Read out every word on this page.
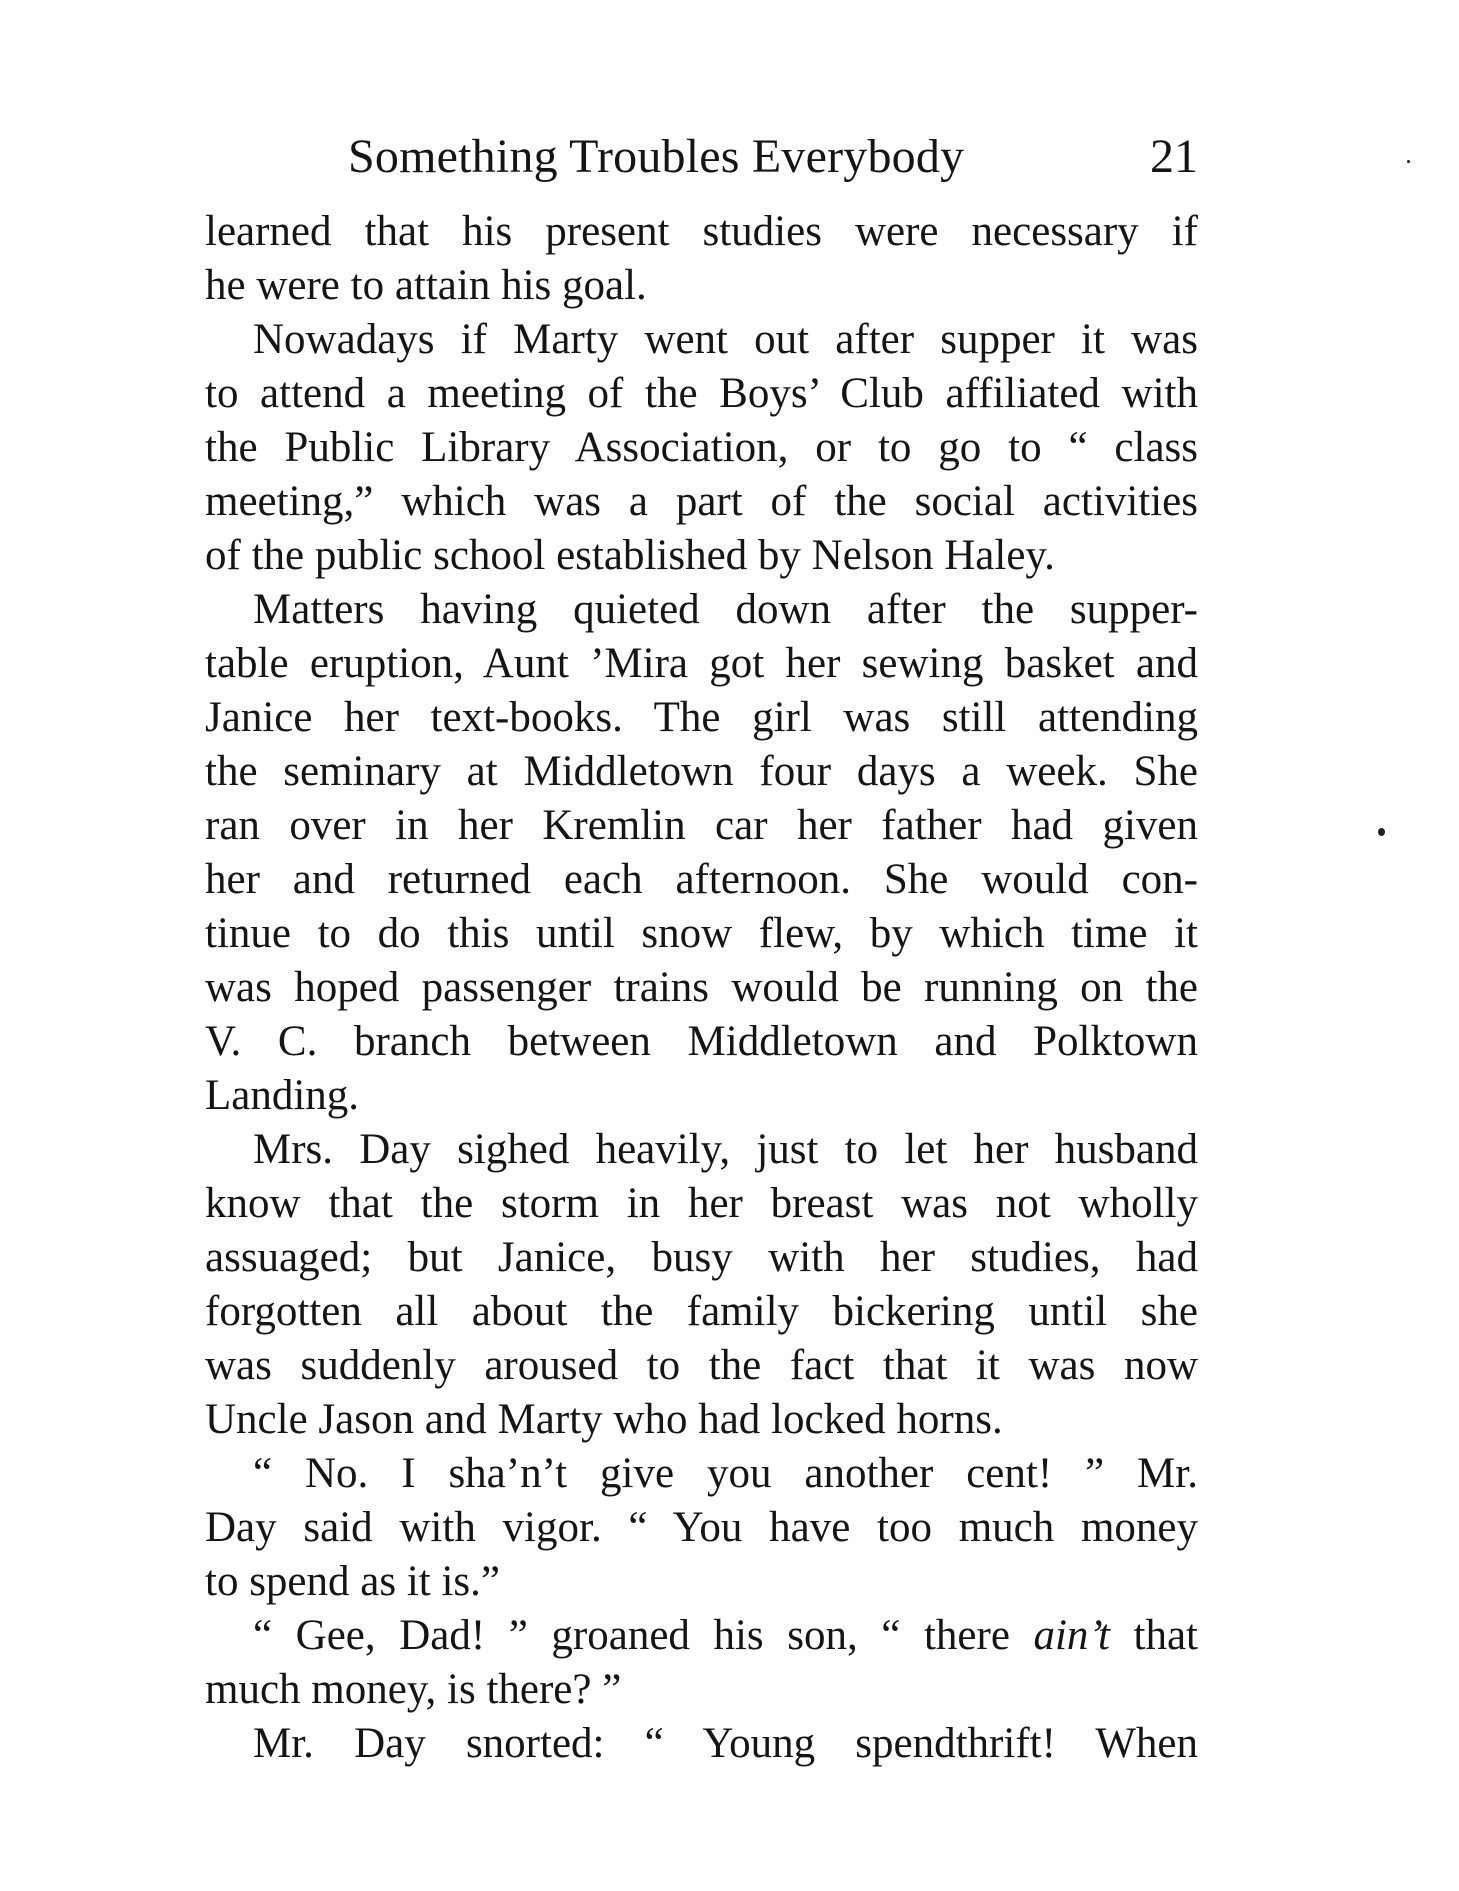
Something Troubles Everybody	21
learned that his present studies were necessary if
he were to attain his goal.
Nowadays if Marty went out after supper it was
to attend a meeting of the Boys’ Club affiliated with
the Public Library Association, or to go to “ class
meeting,” which was a part of the social activities
of the public school established by Nelson Haley.
Matters having quieted down after the supper-
table eruption, Aunt ’Mira got her sewing basket and
Janice her text-books. The girl was still attending
the seminary at Middletown four days a week. She
ran over in her Kremlin car her father had given
her and returned each afternoon. She would con-
tinue to do this until snow flew, by which time it
was hoped passenger trains would be running on the
V. C. branch between Middletown and Polktown
Landing.
Mrs. Day sighed heavily, just to let her husband
know that the storm in her breast was not wholly
assuaged; but Janice, busy with her studies, had
forgotten all about the family bickering until she
was suddenly aroused to the fact that it was now
Uncle Jason and Marty who had locked horns.
“ No. I sha’n’t give you another cent! ” Mr.
Day said with vigor. “ You have too much money
to spend as it is.”
“ Gee, Dad! ” groaned his son, “ there ain’t that
much money, is there? ”
Mr. Day snorted: “ Young spendthrift! When
